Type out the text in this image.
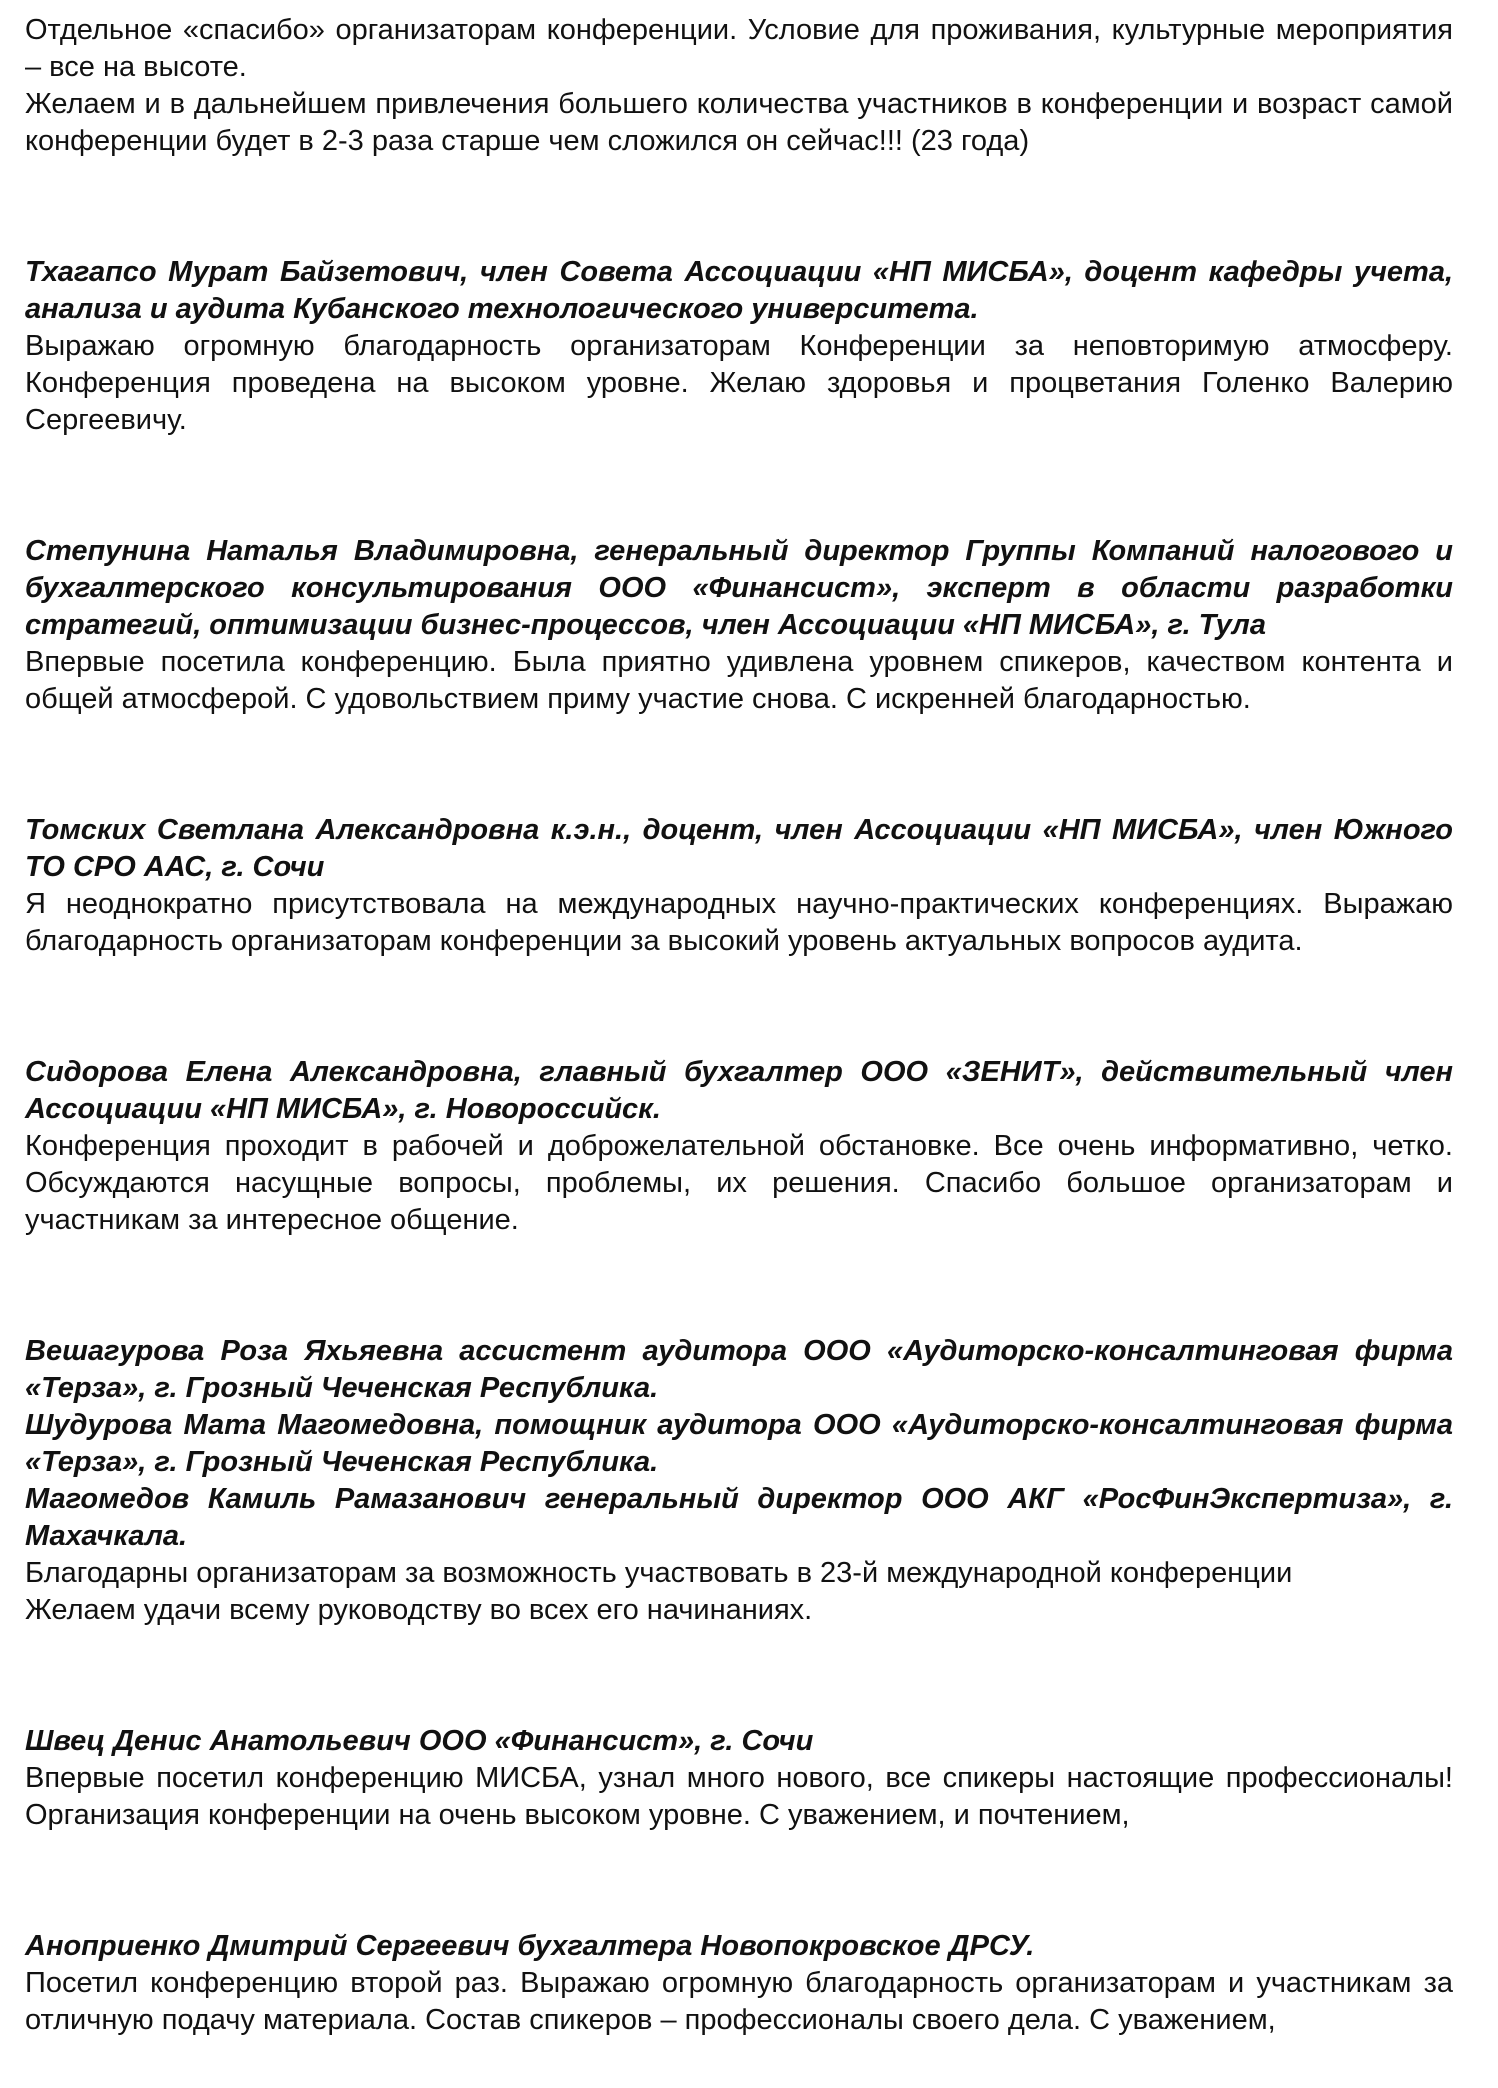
Отдельное «спасибо» организаторам конференции. Условие для проживания, культурные мероприятия – все на высоте.
Желаем и в дальнейшем привлечения большего количества участников в конференции и возраст самой конференции будет в 2-3 раза старше чем сложился он сейчас!!! (23 года)
Тхагапсо Мурат Байзетович, член Совета Ассоциации «НП МИСБА», доцент кафедры учета, анализа и аудита Кубанского технологического университета.
Выражаю огромную благодарность организаторам Конференции за неповторимую атмосферу. Конференция проведена на высоком уровне. Желаю здоровья и процветания Голенко Валерию Сергеевичу.
Степунина Наталья Владимировна, генеральный директор Группы Компаний налогового и бухгалтерского консультирования ООО «Финансист», эксперт в области разработки стратегий, оптимизации бизнес-процессов, член Ассоциации «НП МИСБА», г. Тула
Впервые посетила конференцию. Была приятно удивлена уровнем спикеров, качеством контента и общей атмосферой. С удовольствием приму участие снова. С искренней благодарностью.
Томских Светлана Александровна к.э.н., доцент, член Ассоциации «НП МИСБА», член Южного ТО СРО ААС, г. Сочи
Я неоднократно присутствовала на международных научно-практических конференциях. Выражаю благодарность организаторам конференции за высокий уровень актуальных вопросов аудита.
Сидорова Елена Александровна, главный бухгалтер ООО «ЗЕНИТ», действительный член Ассоциации «НП МИСБА», г. Новороссийск.
Конференция проходит в рабочей и доброжелательной обстановке. Все очень информативно, четко. Обсуждаются насущные вопросы, проблемы, их решения. Спасибо большое организаторам и участникам за интересное общение.
Вешагурова Роза Яхьяевна ассистент аудитора ООО «Аудиторско-консалтинговая фирма «Терза», г. Грозный Чеченская Республика.
Шудурова Мата Магомедовна, помощник аудитора ООО «Аудиторско-консалтинговая фирма «Терза», г. Грозный Чеченская Республика.
Магомедов Камиль Рамазанович генеральный директор ООО АКГ «РосФинЭкспертиза», г. Махачкала.
Благодарны организаторам за возможность участвовать в 23-й международной конференции
Желаем удачи всему руководству во всех его начинаниях.
Швец Денис Анатольевич ООО «Финансист», г. Сочи
Впервые посетил конференцию МИСБА, узнал много нового, все спикеры настоящие профессионалы! Организация конференции на очень высоком уровне. С уважением, и почтением,
Аноприенко Дмитрий Сергеевич бухгалтера Новопокровское ДРСУ.
Посетил конференцию второй раз. Выражаю огромную благодарность организаторам и участникам за отличную подачу материала. Состав спикеров – профессионалы своего дела. С уважением,
